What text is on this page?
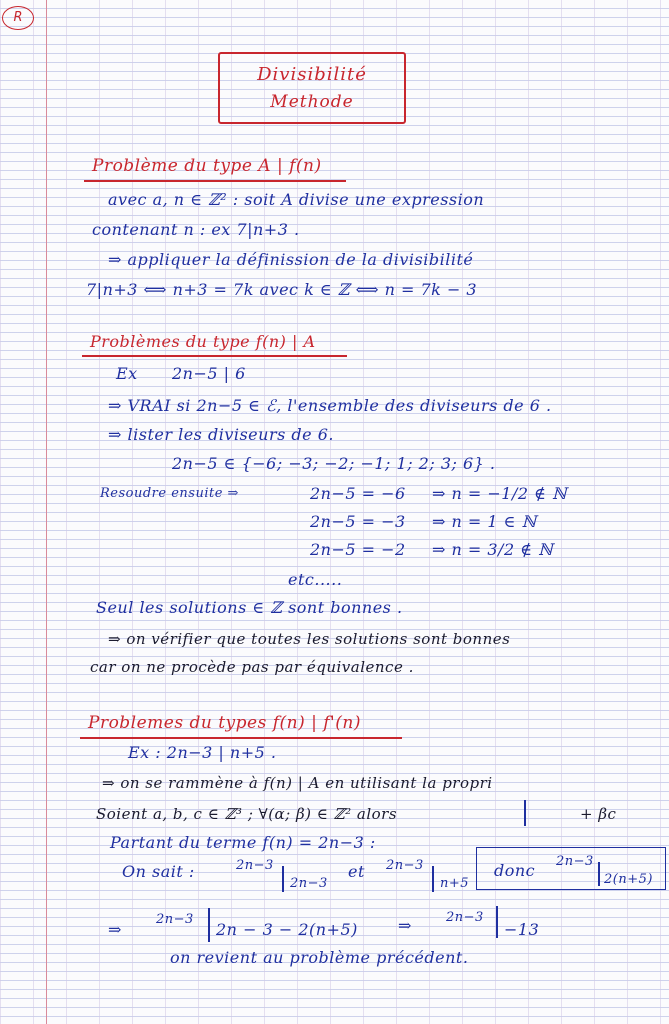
R
Divisibilité
Methode
Problème du type A | f(n)
avec a, n ∈ ℤ² : soit A divise une expression
contenant n : ex 7|n+3 .
⇒ appliquer la définission de la divisibilité
7|n+3 ⟺ n+3 = 7k avec k ∈ ℤ ⟺ n = 7k − 3
Problèmes du type f(n) | A
Ex 2n−5 | 6
⇒ VRAI si 2n−5 ∈ ℰ, l'ensemble des diviseurs de 6 .
⇒ lister les diviseurs de 6.
2n−5 ∈ {−6; −3; −2; −1; 1; 2; 3; 6} .
Resoudre ensuite ⇒	2n−5 = −6 ⇒ n = −1/2 ∉ ℕ
2n−5 = −3 ⇒ n = 1 ∈ ℕ
2n−5 = −2 ⇒ n = 3/2 ∉ ℕ
etc.....
Seul les solutions ∈ ℤ sont bonnes .
⇒ on vérifier que toutes les solutions sont bonnes
car on ne procède pas par équivalence .
Problemes du types f(n) | f'(n)
Ex : 2n−3 | n+5 .
⇒ on se rammène à f(n) | A en utilisant la propri
Soient a, b, c ∈ ℤ³ ; ∀(α; β) ∈ ℤ² alors	+ βc
Partant du terme f(n) = 2n−3 :
On sait :	2n−3
2n−3
et 2n−3
n+5
donc 2n−3
2(n+5)
⇒
2n−3
2n − 3 − 2(n+5)	⇒	2n−3
−13
on revient au problème précédent.
